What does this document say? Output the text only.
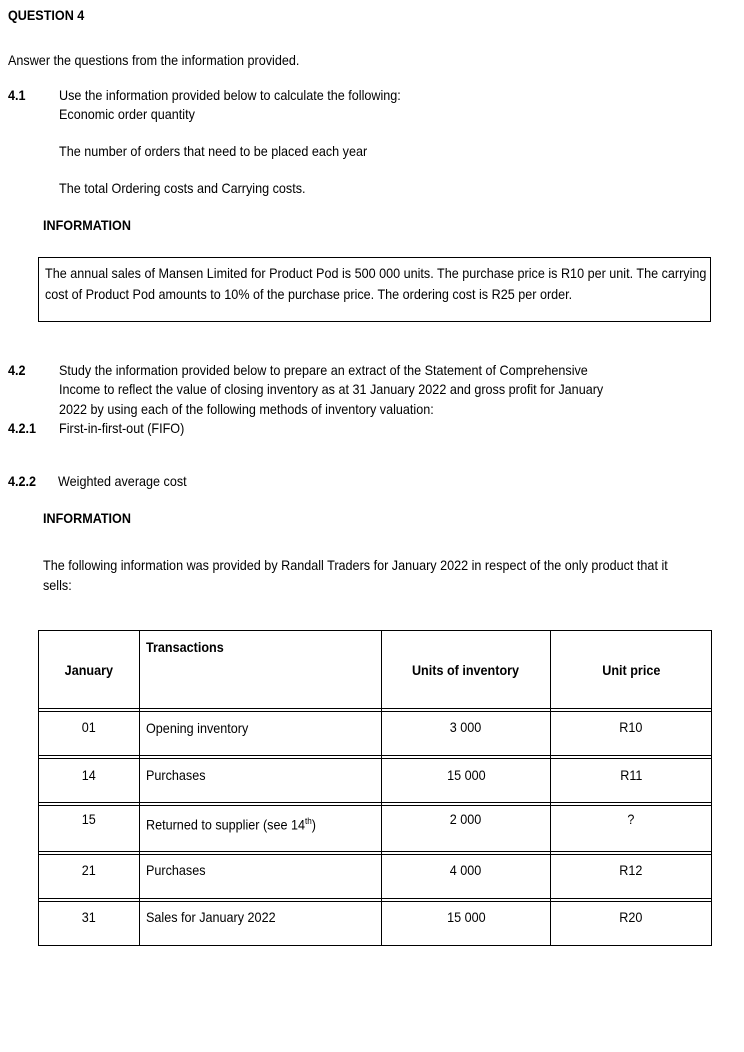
QUESTION 4
Answer the questions from the information provided.
4.1 Use the information provided below to calculate the following:
Economic order quantity
The number of orders that need to be placed each year
The total Ordering costs and Carrying costs.
INFORMATION
The annual sales of Mansen Limited for Product Pod is 500 000 units. The purchase price is R10 per unit. The carrying cost of Product Pod amounts to 10% of the purchase price. The ordering cost is R25 per order.
4.2 Study the information provided below to prepare an extract of the Statement of Comprehensive
Income to reflect the value of closing inventory as at 31 January 2022 and gross profit for January
2022 by using each of the following methods of inventory valuation:
4.2.1 First-in-first-out (FIFO)
4.2.2 Weighted average cost
INFORMATION
The following information was provided by Randall Traders for January 2022 in respect of the only product that it
sells:
January	Transactions	Units of inventory	Unit price

01	Opening inventory	3 000	R10

14	Purchases	15 000	R11

15	Returned to supplier (see 14th)	2 000	?

21	Purchases	4 000	R12

31	Sales for January 2022	15 000	R20
